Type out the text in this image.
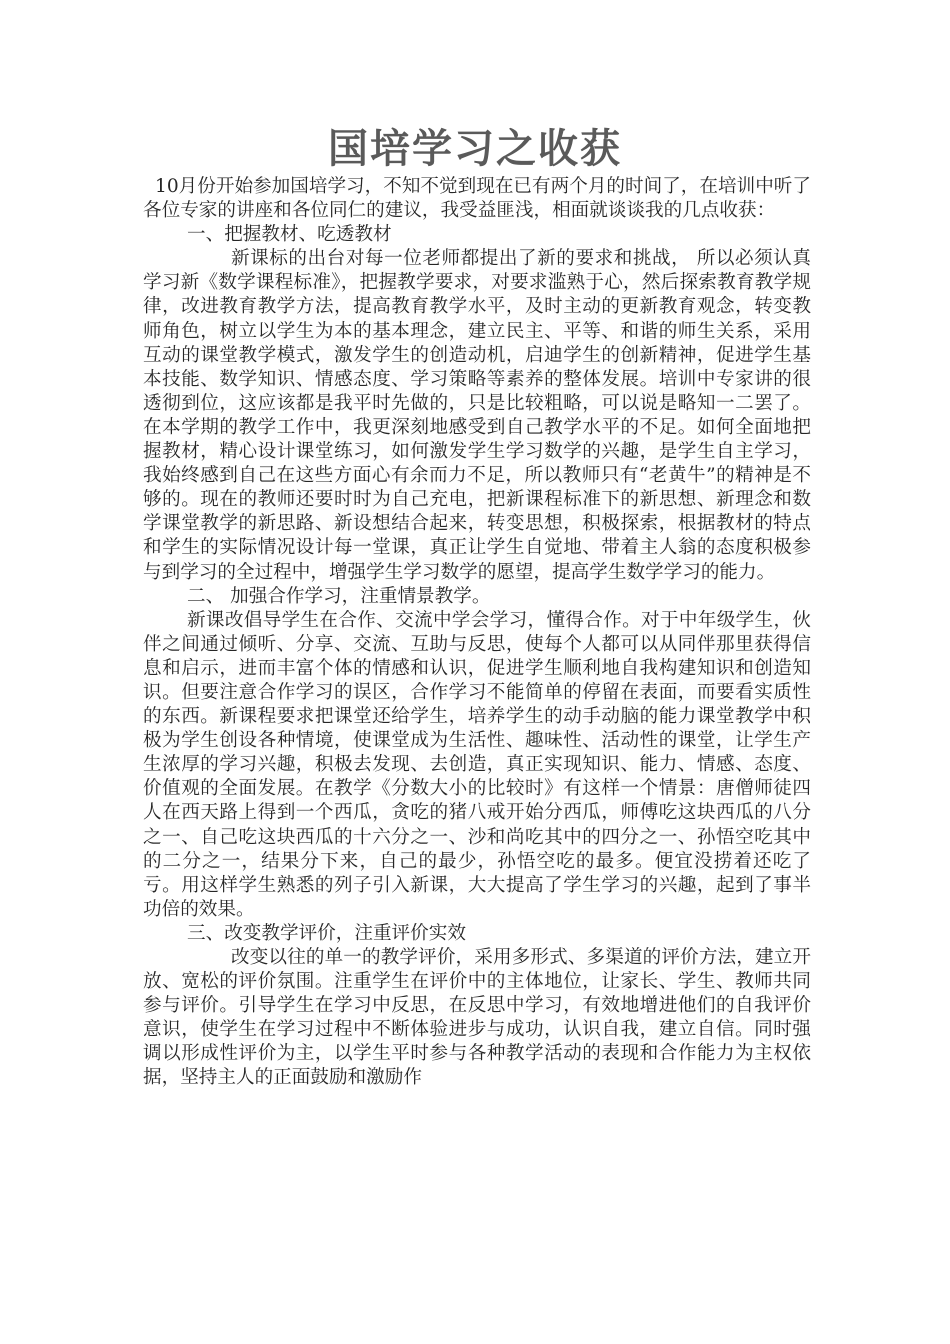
国培学习之收获

10月份开始参加国培学习，不知不觉到现在已有两个月的时间了，在培训中听了各位专家的讲座和各位同仁的建议，我受益匪浅，相面就谈谈我的几点收获：

一、把握教材、吃透教材

新课标的出台对每一位老师都提出了新的要求和挑战， 所以必须认真学习新《数学课程标准》，把握教学要求，对要求滥熟于心，然后探索教育教学规律，改进教育教学方法，提高教育教学水平，及时主动的更新教育观念，转变教师角色，树立以学生为本的基本理念，建立民主、平等、和谐的师生关系，采用互动的课堂教学模式，激发学生的创造动机，启迪学生的创新精神，促进学生基本技能、数学知识、情感态度、学习策略等素养的整体发展。培训中专家讲的很透彻到位，这应该都是我平时先做的，只是比较粗略，可以说是略知一二罢了。在本学期的教学工作中，我更深刻地感受到自己教学水平的不足。如何全面地把握教材，精心设计课堂练习，如何激发学生学习数学的兴趣，是学生自主学习，我始终感到自己在这些方面心有余而力不足，所以教师只有“老黄牛”的精神是不够的。现在的教师还要时时为自己充电，把新课程标准下的新思想、新理念和数学课堂教学的新思路、新设想结合起来，转变思想，积极探索，根据教材的特点和学生的实际情况设计每一堂课，真正让学生自觉地、带着主人翁的态度积极参与到学习的全过程中，增强学生学习数学的愿望，提高学生数学学习的能力。

二、 加强合作学习，注重情景教学。

新课改倡导学生在合作、交流中学会学习，懂得合作。对于中年级学生，伙伴之间通过倾听、分享、交流、互助与反思，使每个人都可以从同伴那里获得信息和启示，进而丰富个体的情感和认识，促进学生顺利地自我构建知识和创造知识。但要注意合作学习的误区，合作学习不能简单的停留在表面，而要看实质性的东西。新课程要求把课堂还给学生，培养学生的动手动脑的能力课堂教学中积极为学生创设各种情境，使课堂成为生活性、趣味性、活动性的课堂，让学生产生浓厚的学习兴趣，积极去发现、去创造，真正实现知识、能力、情感、态度、价值观的全面发展。在教学《分数大小的比较时》有这样一个情景：唐僧师徒四人在西天路上得到一个西瓜，贪吃的猪八戒开始分西瓜，师傅吃这块西瓜的八分之一、自己吃这块西瓜的十六分之一、沙和尚吃其中的四分之一、孙悟空吃其中的二分之一，结果分下来，自己的最少，孙悟空吃的最多。便宜没捞着还吃了亏。用这样学生熟悉的列子引入新课，大大提高了学生学习的兴趣，起到了事半功倍的效果。

三、改变教学评价，注重评价实效

改变以往的单一的教学评价，采用多形式、多渠道的评价方法，建立开放、宽松的评价氛围。注重学生在评价中的主体地位，让家长、学生、教师共同参与评价。引导学生在学习中反思，在反思中学习，有效地增进他们的自我评价意识，使学生在学习过程中不断体验进步与成功，认识自我，建立自信。同时强调以形成性评价为主，以学生平时参与各种教学活动的表现和合作能力为主权依据，坚持主人的正面鼓励和激励作
